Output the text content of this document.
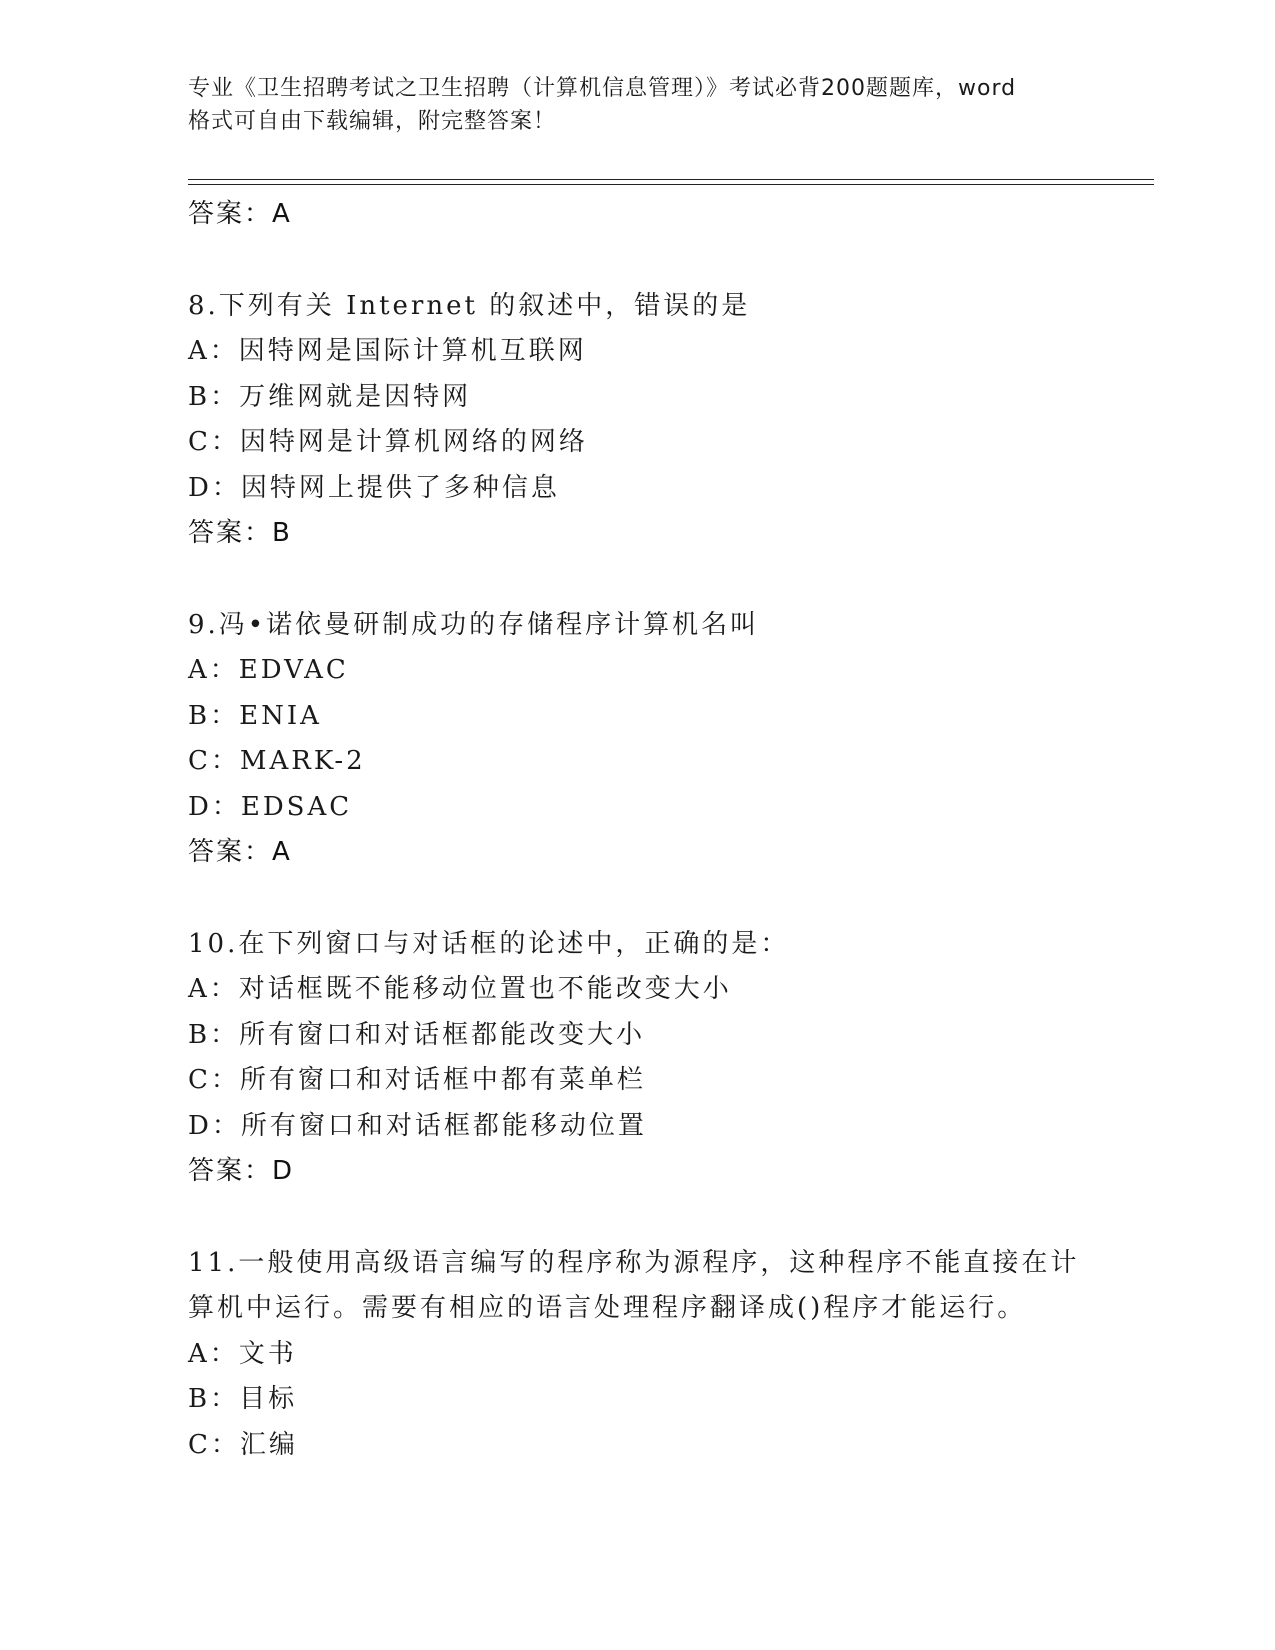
专业《卫生招聘考试之卫生招聘（计算机信息管理）》考试必背200题题库，word
格式可自由下载编辑，附完整答案！
答案：A
8.下列有关 Internet 的叙述中，错误的是
A：因特网是国际计算机互联网
B：万维网就是因特网
C：因特网是计算机网络的网络
D：因特网上提供了多种信息
答案：B
9.冯•诺依曼研制成功的存储程序计算机名叫
A：EDVAC
B：ENIA
C：MARK-2
D：EDSAC
答案：A
10.在下列窗口与对话框的论述中，正确的是：
A：对话框既不能移动位置也不能改变大小
B：所有窗口和对话框都能改变大小
C：所有窗口和对话框中都有菜单栏
D：所有窗口和对话框都能移动位置
答案：D
11.一般使用高级语言编写的程序称为源程序，这种程序不能直接在计
算机中运行。需要有相应的语言处理程序翻译成()程序才能运行。
A：文书
B：目标
C：汇编
